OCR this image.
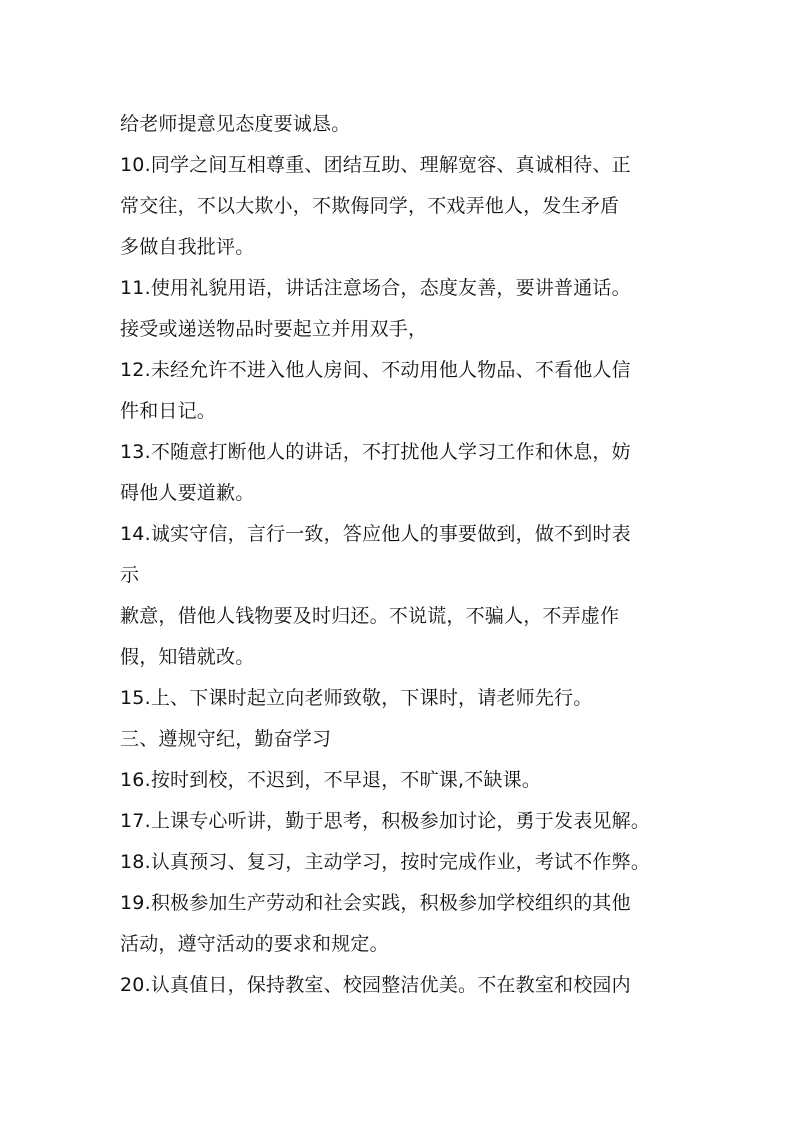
给老师提意见态度要诚恳。
10.同学之间互相尊重、团结互助、理解宽容、真诚相待、正
常交往，不以大欺小，不欺侮同学，不戏弄他人，发生矛盾
多做自我批评。
11.使用礼貌用语，讲话注意场合，态度友善，要讲普通话。
接受或递送物品时要起立并用双手，
12.未经允许不进入他人房间、不动用他人物品、不看他人信
件和日记。
13.不随意打断他人的讲话，不打扰他人学习工作和休息，妨
碍他人要道歉。
14.诚实守信，言行一致，答应他人的事要做到，做不到时表
示
歉意，借他人钱物要及时归还。不说谎，不骗人，不弄虚作
假，知错就改。
15.上、下课时起立向老师致敬，下课时，请老师先行。
三、遵规守纪，勤奋学习
16.按时到校，不迟到，不早退，不旷课,不缺课。
17.上课专心听讲，勤于思考，积极参加讨论，勇于发表见解。
18.认真预习、复习，主动学习，按时完成作业，考试不作弊。
19.积极参加生产劳动和社会实践，积极参加学校组织的其他
活动，遵守活动的要求和规定。
20.认真值日，保持教室、校园整洁优美。不在教室和校园内
